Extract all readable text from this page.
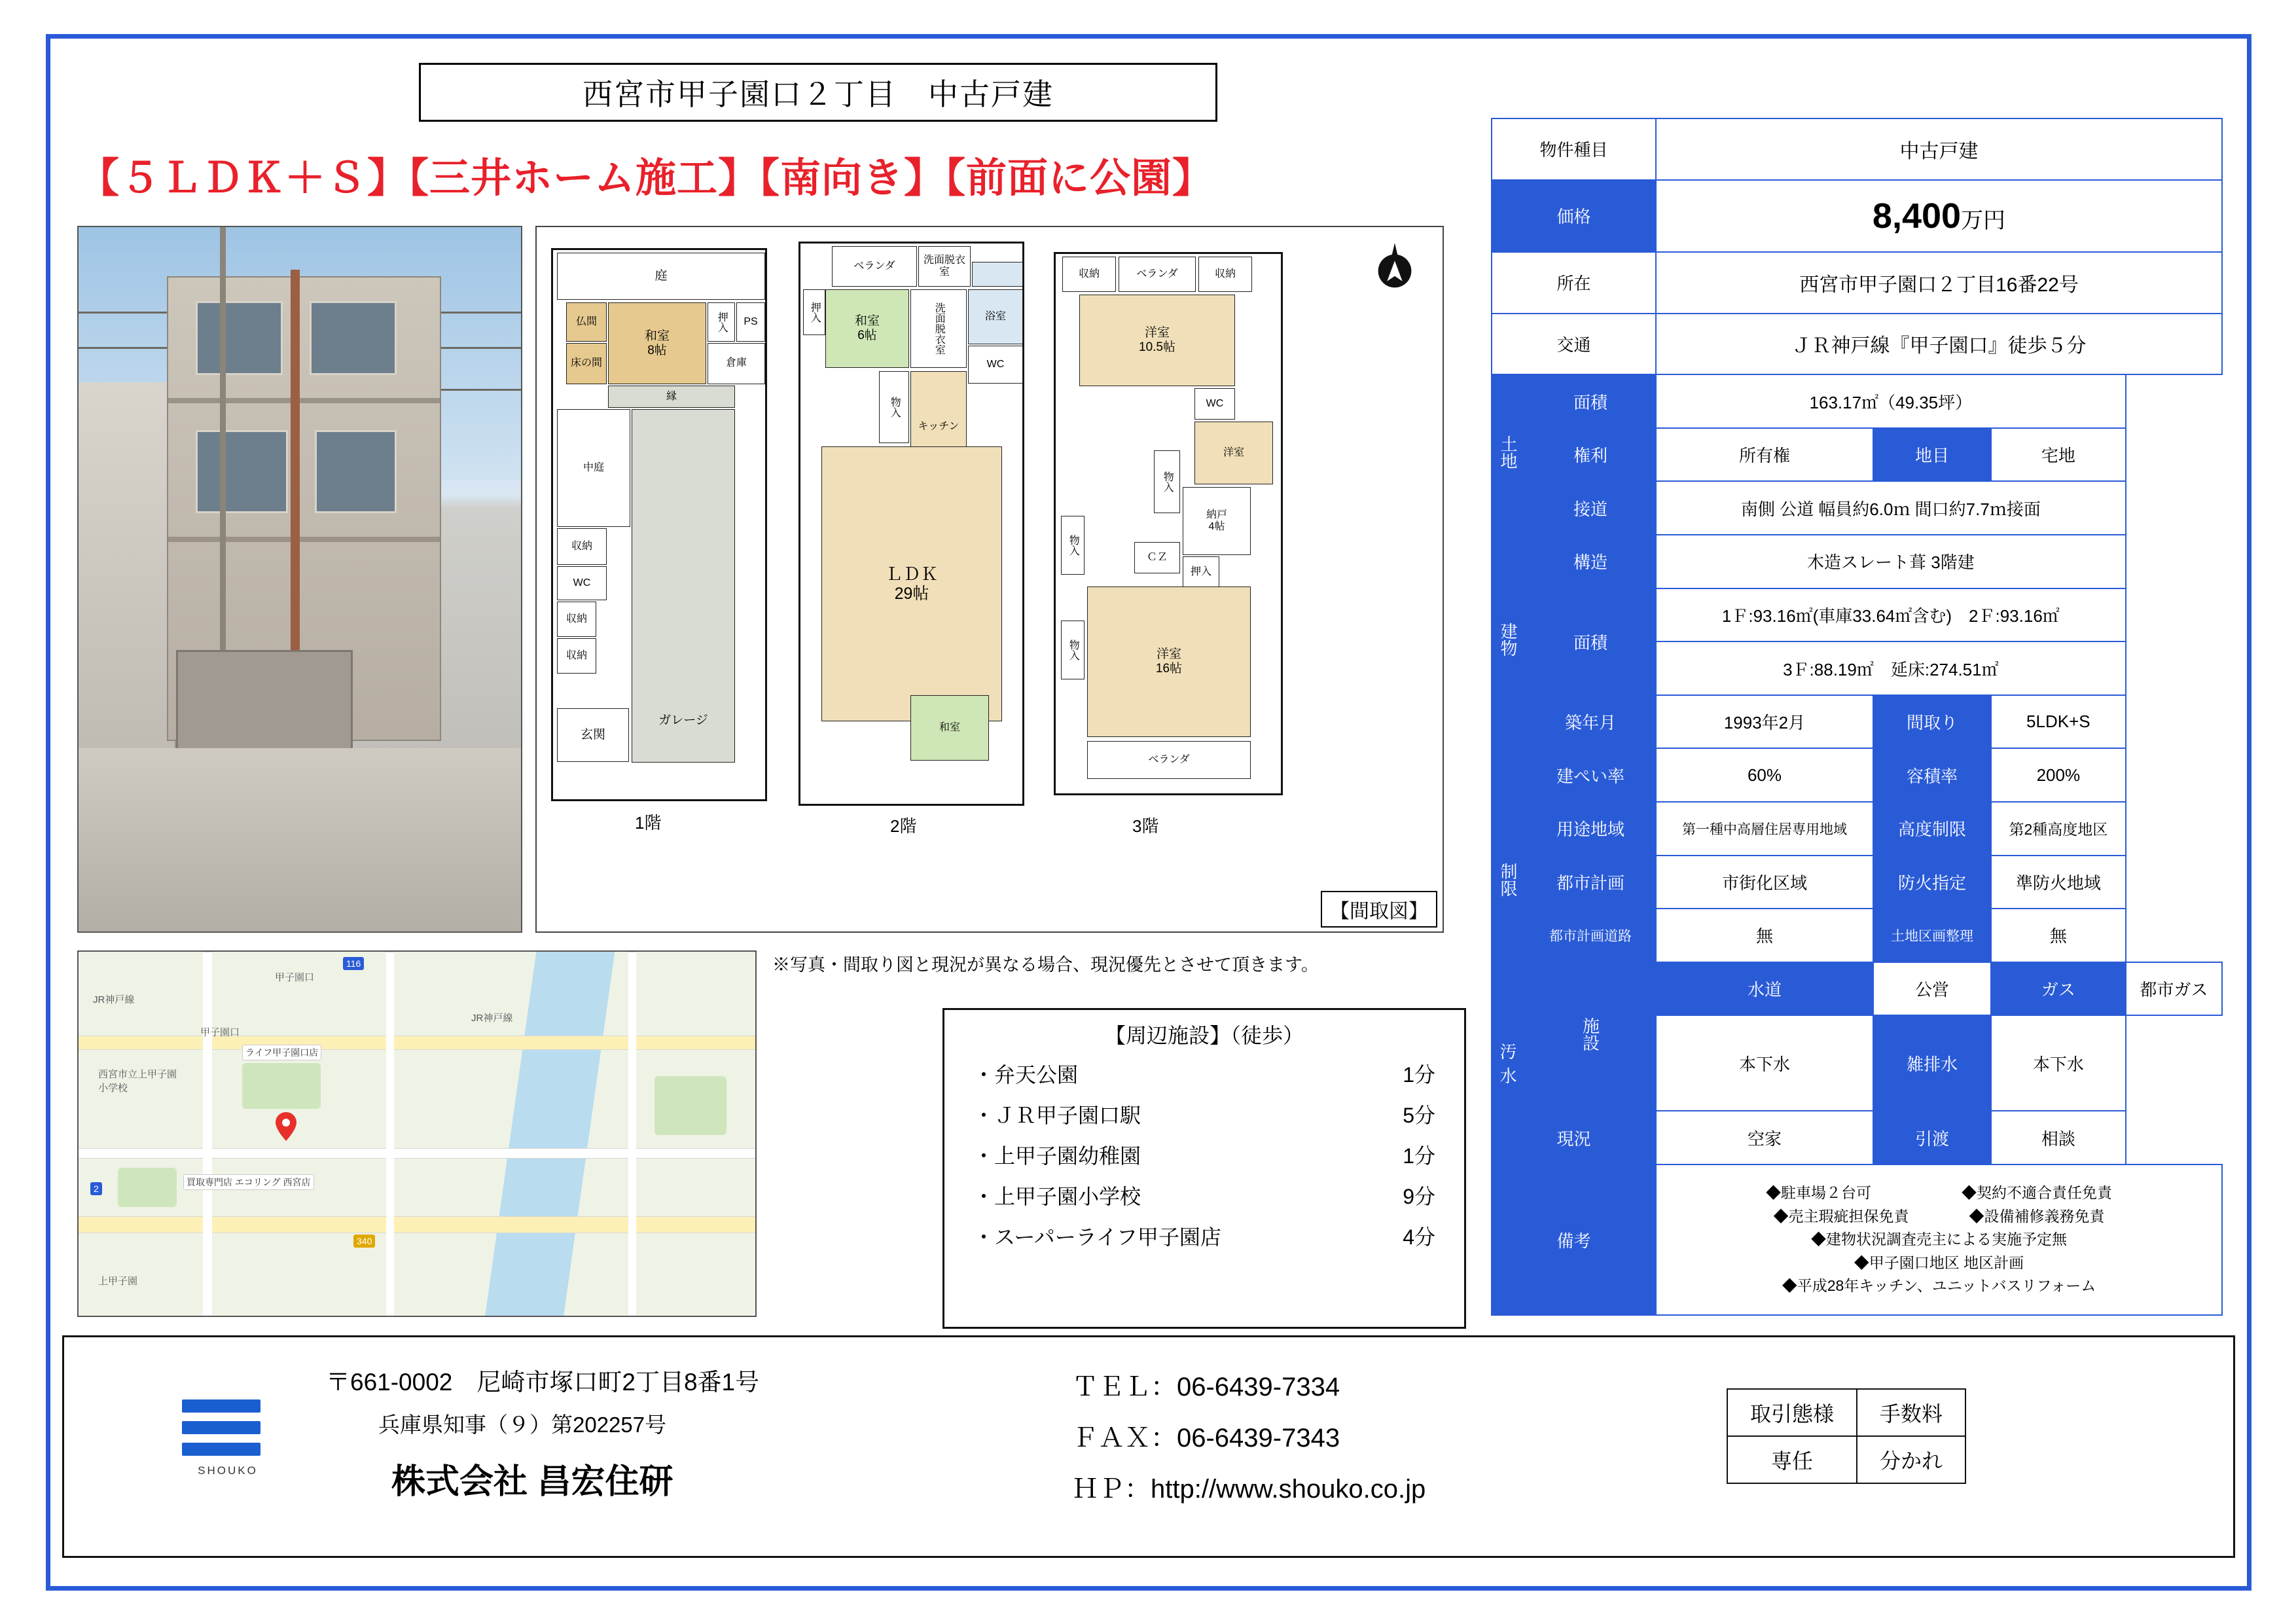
西宮市甲子園口２丁目　中古戸建
【５ＬＤＫ＋Ｓ】【三井ホーム施工】【南向き】【前面に公園】
庭
和室
8帖
仏間
床の間
押入 PS
倉庫
縁
中庭
ガレージ
収納
WC
収納
収納
玄関
1階
ベランダ
洗面脱衣室
和室
6帖
押入	洗面脱衣室	浴室
WC
キッチン
物入
ＬＤＫ
29帖
和室
2階
収納	ベランダ	収納
洋室
10.5帖
WC
洋室
物入
納戸
4帖
押入
ＣＺ
物入
物入	洋室
16帖
ベランダ
3階
【間取図】
※写真・間取り図と現況が異なる場合、現況優先とさせて頂きます。
JR神戸線
甲子園口
JR神戸線
西宮市立上甲子園小学校
ライフ甲子園口店
買取専門店 エコリング 西宮店
上甲子園
甲子園口
116
2
340
【周辺施設】（徒歩）
・弁天公園	1分
・ＪＲ甲子園口駅	5分
・上甲子園幼稚園	1分
・上甲子園小学校	9分
・スーパーライフ甲子園店	4分
物件種目		中古戸建			
価格		8,400万円			
所在		西宮市甲子園口２丁目16番22号			
交通		ＪＲ神戸線『甲子園口』徒歩５分			
土地	面積	163.17㎡（49.35坪）			
	権利	所有権	地目	宅地	
	接道	南側 公道 幅員約6.0ｍ 間口約7.7ｍ接面			
建物	構造	木造スレート葺 3階建			
	面積	1Ｆ:93.16㎡(車庫33.64㎡含む)　2Ｆ:93.16㎡			
		3Ｆ:88.19㎡　延床:274.51㎡			
	築年月	1993年2月	間取り	5LDK+S	
制限	建ぺい率	60%	容積率	200%	
	用途地域	第一種中高層住居専用地域	高度制限	第2種高度地区	
	都市計画	市街化区域	防火指定	準防火地域	
	都市計画道路	無	土地区画整理	無	
	施設	水道	公営	ガス	都市ガス
汚水		本下水	雑排水	本下水	
現況		空家	引渡	相談	
備考		◆駐車場２台可　　　　　　◆契約不適合責任免責
◆売主瑕疵担保免責　　　　◆設備補修義務免責
◆建物状況調査売主による実施予定無
◆甲子園口地区 地区計画
◆平成28年キッチン、ユニットバスリフォーム			
SHOUKO
〒661-0002　尼崎市塚口町2丁目8番1号
兵庫県知事（９）第202257号
株式会社 昌宏住研
ＴＥＬ：06-6439-7334
ＦＡＸ：06-6439-7343
ＨＰ：http://www.shouko.co.jp
取引態様	手数料
専任	分かれ
